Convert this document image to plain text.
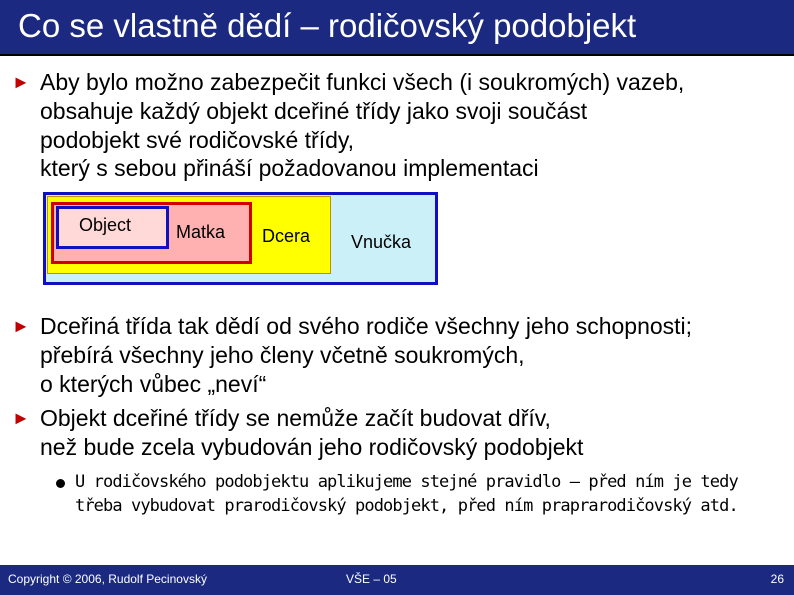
Co se vlastně dědí – rodičovský podobjekt
► Aby bylo možno zabezpečit funkci všech (i soukromých) vazeb,
obsahuje každý objekt dceřiné třídy jako svoji součást
podobjekt své rodičovské třídy,
který s sebou přináší požadovanou implementaci
Vnučka
Dcera
Matka
Object
► Dceřiná třída tak dědí od svého rodiče všechny jeho schopnosti;
přebírá všechny jeho členy včetně soukromých,
o kterých vůbec „neví“
► Objekt dceřiné třídy se nemůže začít budovat dřív,
než bude zcela vybudován jeho rodičovský podobjekt
U rodičovského podobjektu aplikujeme stejné pravidlo – před ním je tedy
třeba vybudovat prarodičovský podobjekt, před ním praprarodičovský atd.
Copyright © 2006, Rudolf Pecinovský	VŠE – 05	26
